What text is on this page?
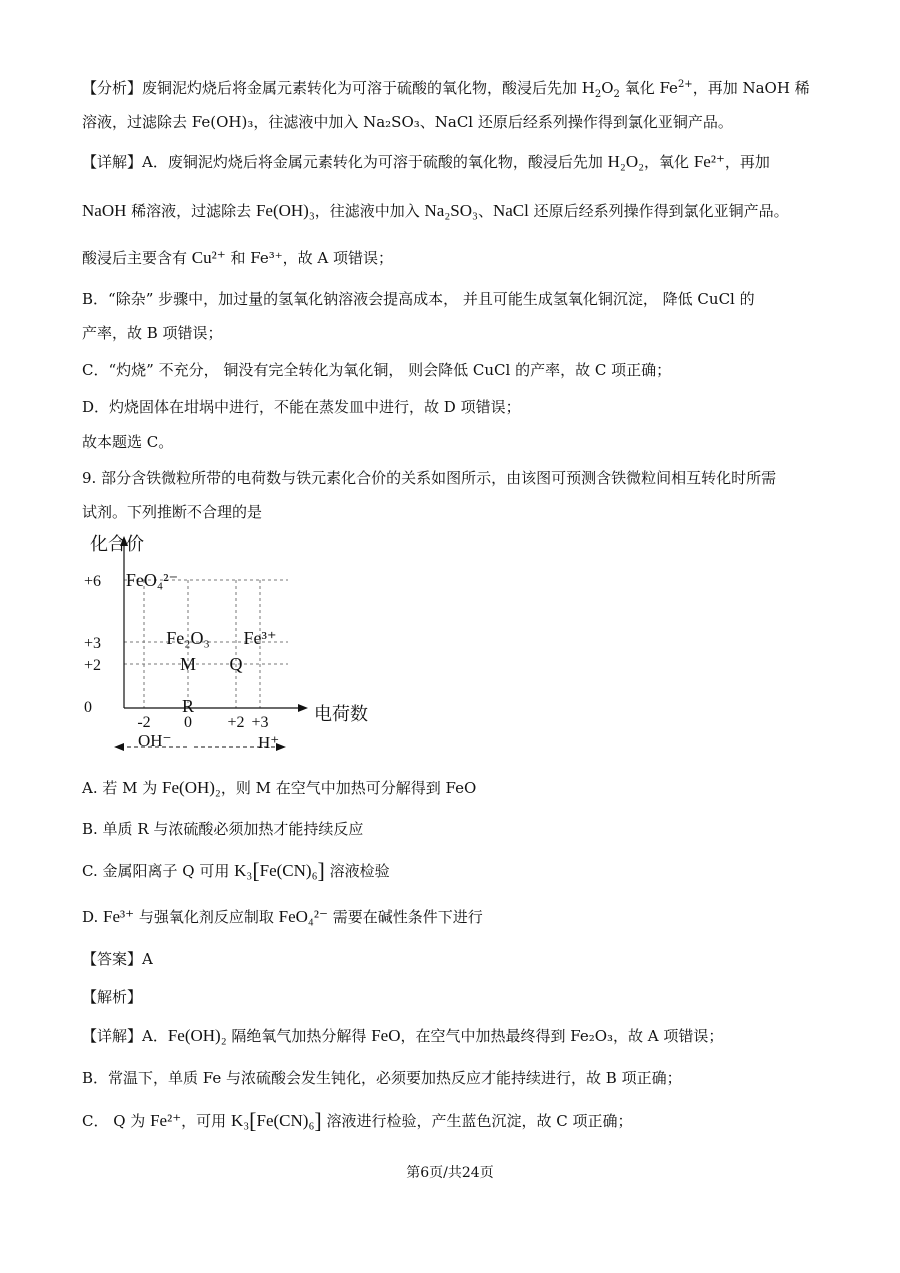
【分析】废铜泥灼烧后将金属元素转化为可溶于硫酸的氧化物，酸浸后先加 $H_2O_2$ 氧化 $Fe^{2+}$，再加 NaOH 稀
溶液，过滤除去 Fe(OH)₃，往滤液中加入 Na₂SO₃、NaCl 还原后经系列操作得到氯化亚铜产品。
【详解】A．废铜泥灼烧后将金属元素转化为可溶于硫酸的氧化物，酸浸后先加 H₂O₂，氧化 Fe²⁺，再加
NaOH 稀溶液，过滤除去 Fe(OH)₃，往滤液中加入 Na₂SO₃、NaCl 还原后经系列操作得到氯化亚铜产品。
酸浸后主要含有 Cu²⁺ 和 Fe³⁺，故 A 项错误；
B．“除杂” 步骤中，加过量的氢氧化钠溶液会提高成本， 并且可能生成氢氧化铜沉淀， 降低 CuCl 的
产率，故 B 项错误；
C．“灼烧” 不充分， 铜没有完全转化为氧化铜， 则会降低 CuCl 的产率，故 C 项正确；
D．灼烧固体在坩埚中进行，不能在蒸发皿中进行，故 D 项错误；
故本题选 C。
9. 部分含铁微粒所带的电荷数与铁元素化合价的关系如图所示，由该图可预测含铁微粒间相互转化时所需
试剂。下列推断不合理的是
化合价
电荷数
+6
+3
+2
0
-2 0 +2 +3
FeO₄²⁻
Fe₂O₃
M
R
Q
Fe³⁺
OH⁻	H⁺
A. 若 M 为 Fe(OH)₂，则 M 在空气中加热可分解得到 FeO
B. 单质 R 与浓硫酸必须加热才能持续反应
C. 金属阳离子 Q 可用 K₃[Fe(CN)₆] 溶液检验
D. Fe³⁺ 与强氧化剂反应制取 FeO₄²⁻ 需要在碱性条件下进行
【答案】A
【解析】
【详解】A．Fe(OH)₂ 隔绝氧气加热分解得 FeO，在空气中加热最终得到 Fe₂O₃，故 A 项错误；
B．常温下，单质 Fe 与浓硫酸会发生钝化，必须要加热反应才能持续进行，故 B 项正确；
C． Q 为 Fe²⁺，可用 K₃[Fe(CN)₆] 溶液进行检验，产生蓝色沉淀，故 C 项正确；
第6页/共24页
